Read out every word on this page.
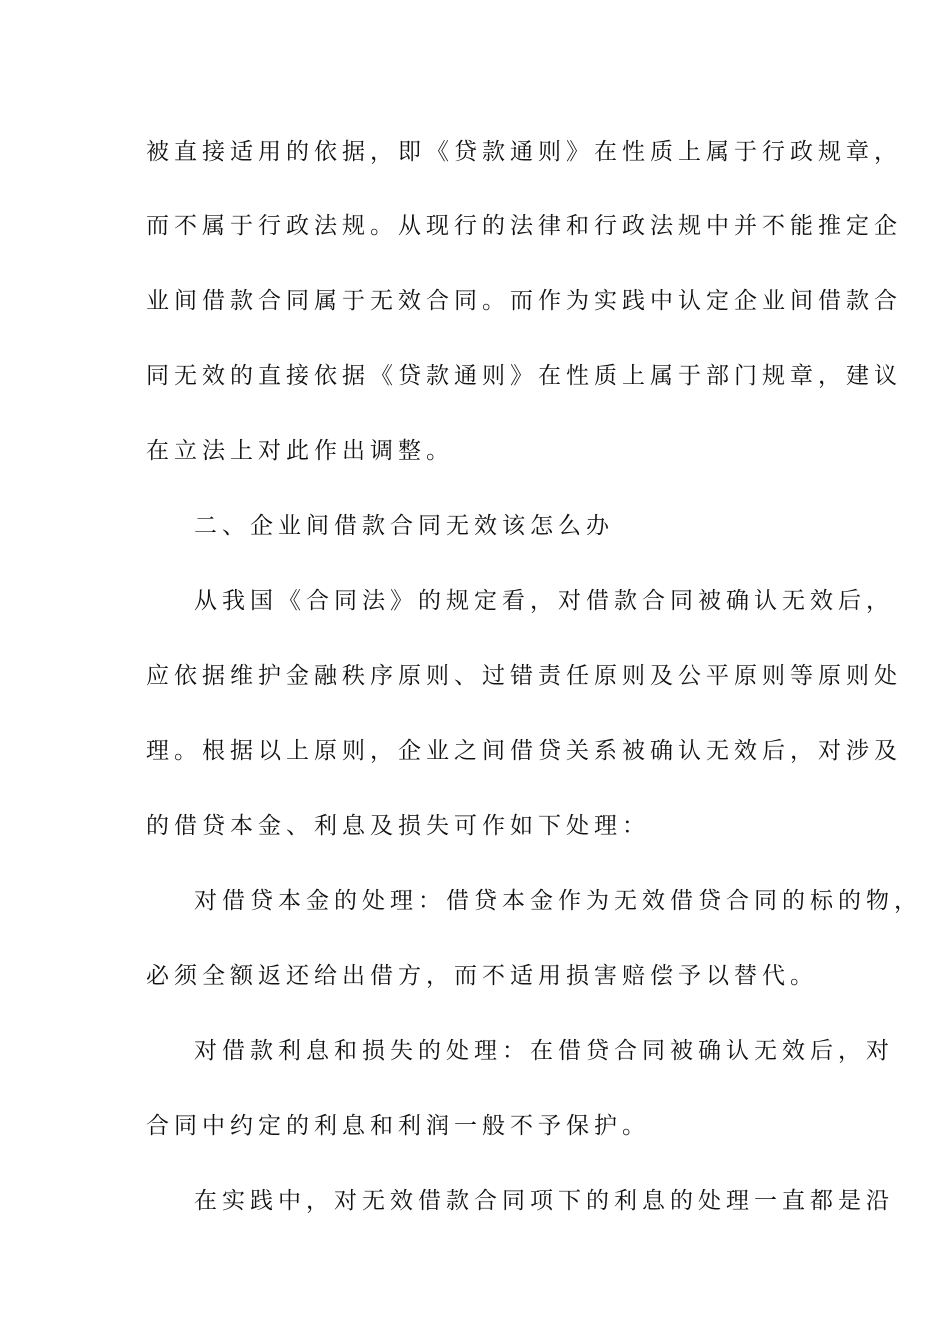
被直接适用的依据，即《贷款通则》在性质上属于行政规章，
而不属于行政法规。从现行的法律和行政法规中并不能推定企
业间借款合同属于无效合同。而作为实践中认定企业间借款合
同无效的直接依据《贷款通则》在性质上属于部门规章，建议
在立法上对此作出调整。
二、企业间借款合同无效该怎么办
从我国《合同法》的规定看，对借款合同被确认无效后，
应依据维护金融秩序原则、过错责任原则及公平原则等原则处
理。根据以上原则，企业之间借贷关系被确认无效后，对涉及
的借贷本金、利息及损失可作如下处理：
对借贷本金的处理：借贷本金作为无效借贷合同的标的物，
必须全额返还给出借方，而不适用损害赔偿予以替代。
对借款利息和损失的处理：在借贷合同被确认无效后，对
合同中约定的利息和利润一般不予保护。
在实践中，对无效借款合同项下的利息的处理一直都是沿
